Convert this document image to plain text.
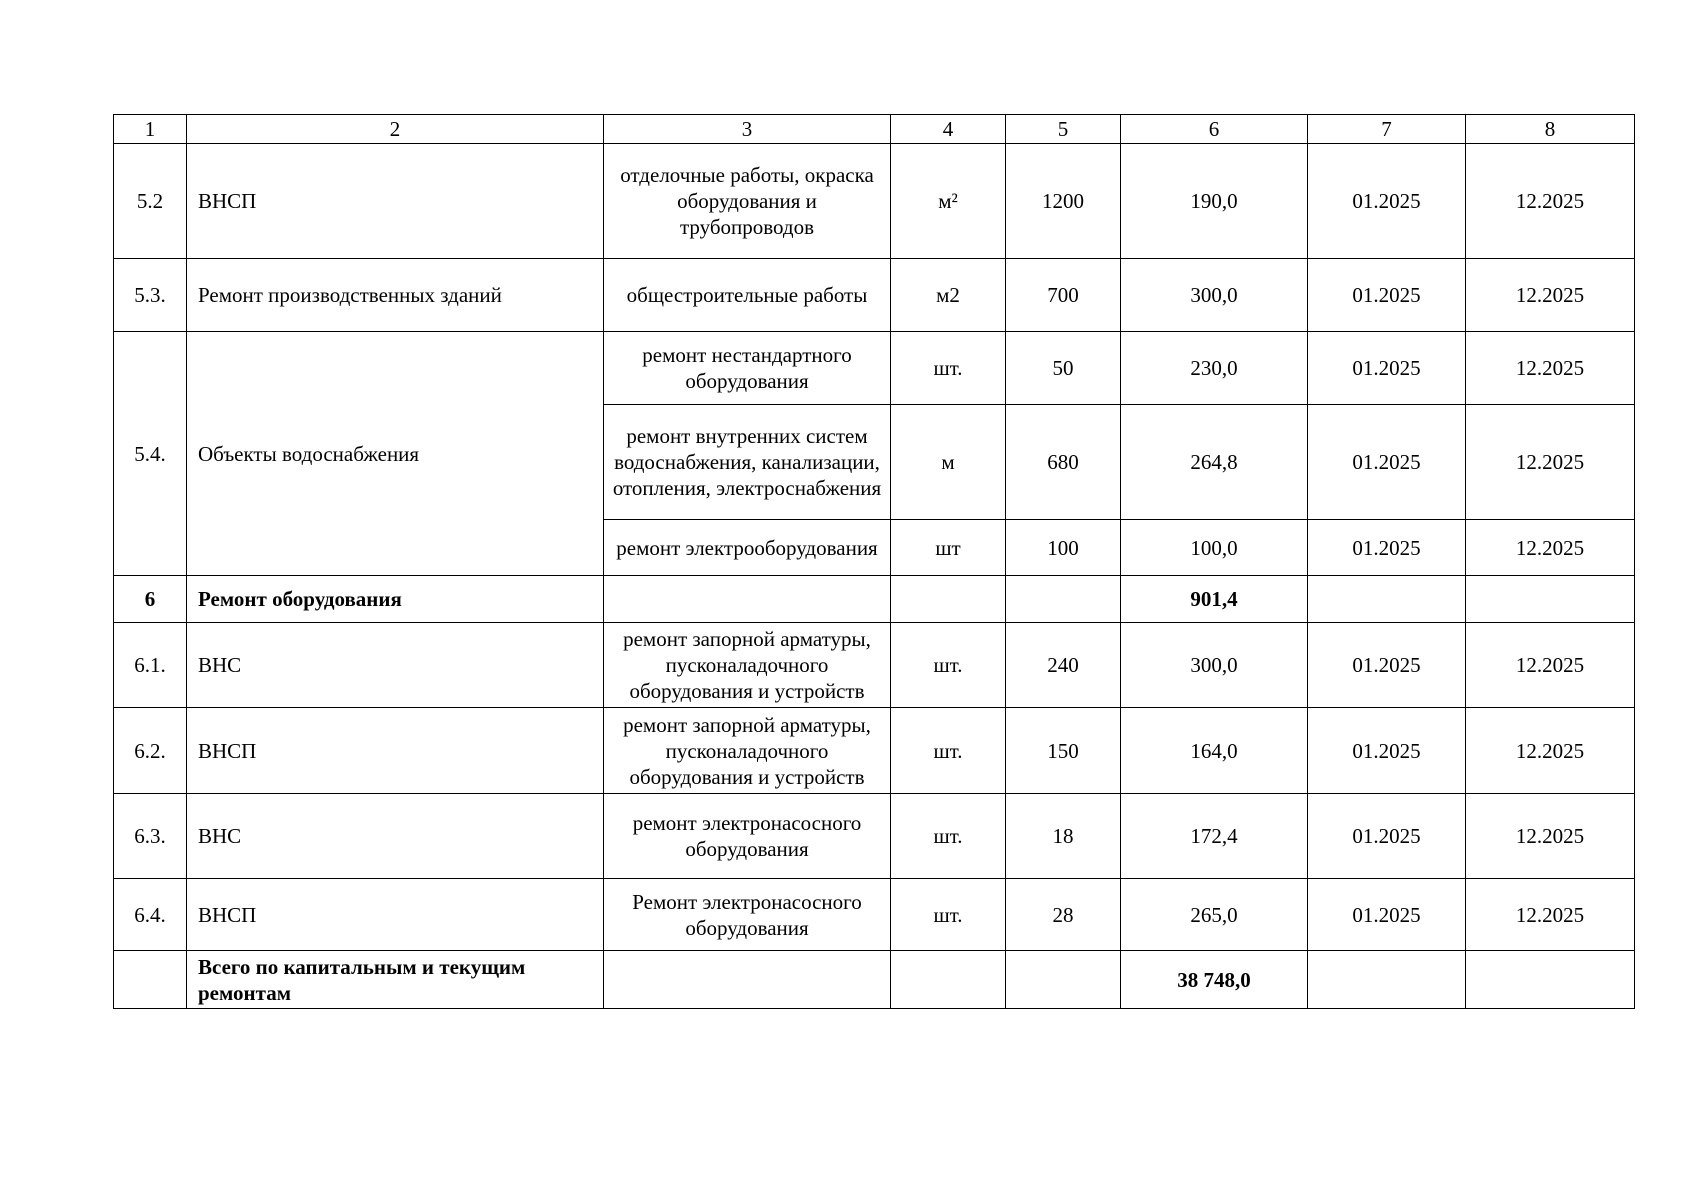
1	2	3	4	5	6	7	8
5.2	ВНСП	отделочные работы, окраска оборудования и трубопроводов	м²	1200	190,0	01.2025	12.2025
5.3.	Ремонт производственных зданий	общестроительные работы	м2	700	300,0	01.2025	12.2025
5.4.	Объекты водоснабжения	ремонт нестандартного оборудования	шт.	50	230,0	01.2025	12.2025
		ремонт внутренних систем водоснабжения, канализации, отопления, электроснабжения	м	680	264,8	01.2025	12.2025
		ремонт электрооборудования	шт	100	100,0	01.2025	12.2025
6	Ремонт оборудования				901,4		
6.1.	ВНС	ремонт запорной арматуры, пусконаладочного оборудования и устройств	шт.	240	300,0	01.2025	12.2025
6.2.	ВНСП	ремонт запорной арматуры, пусконаладочного оборудования и устройств	шт.	150	164,0	01.2025	12.2025
6.3.	ВНС	ремонт электронасосного оборудования	шт.	18	172,4	01.2025	12.2025
6.4.	ВНСП	Ремонт электронасосного оборудования	шт.	28	265,0	01.2025	12.2025
	Всего по капитальным и текущим ремонтам				38 748,0		
